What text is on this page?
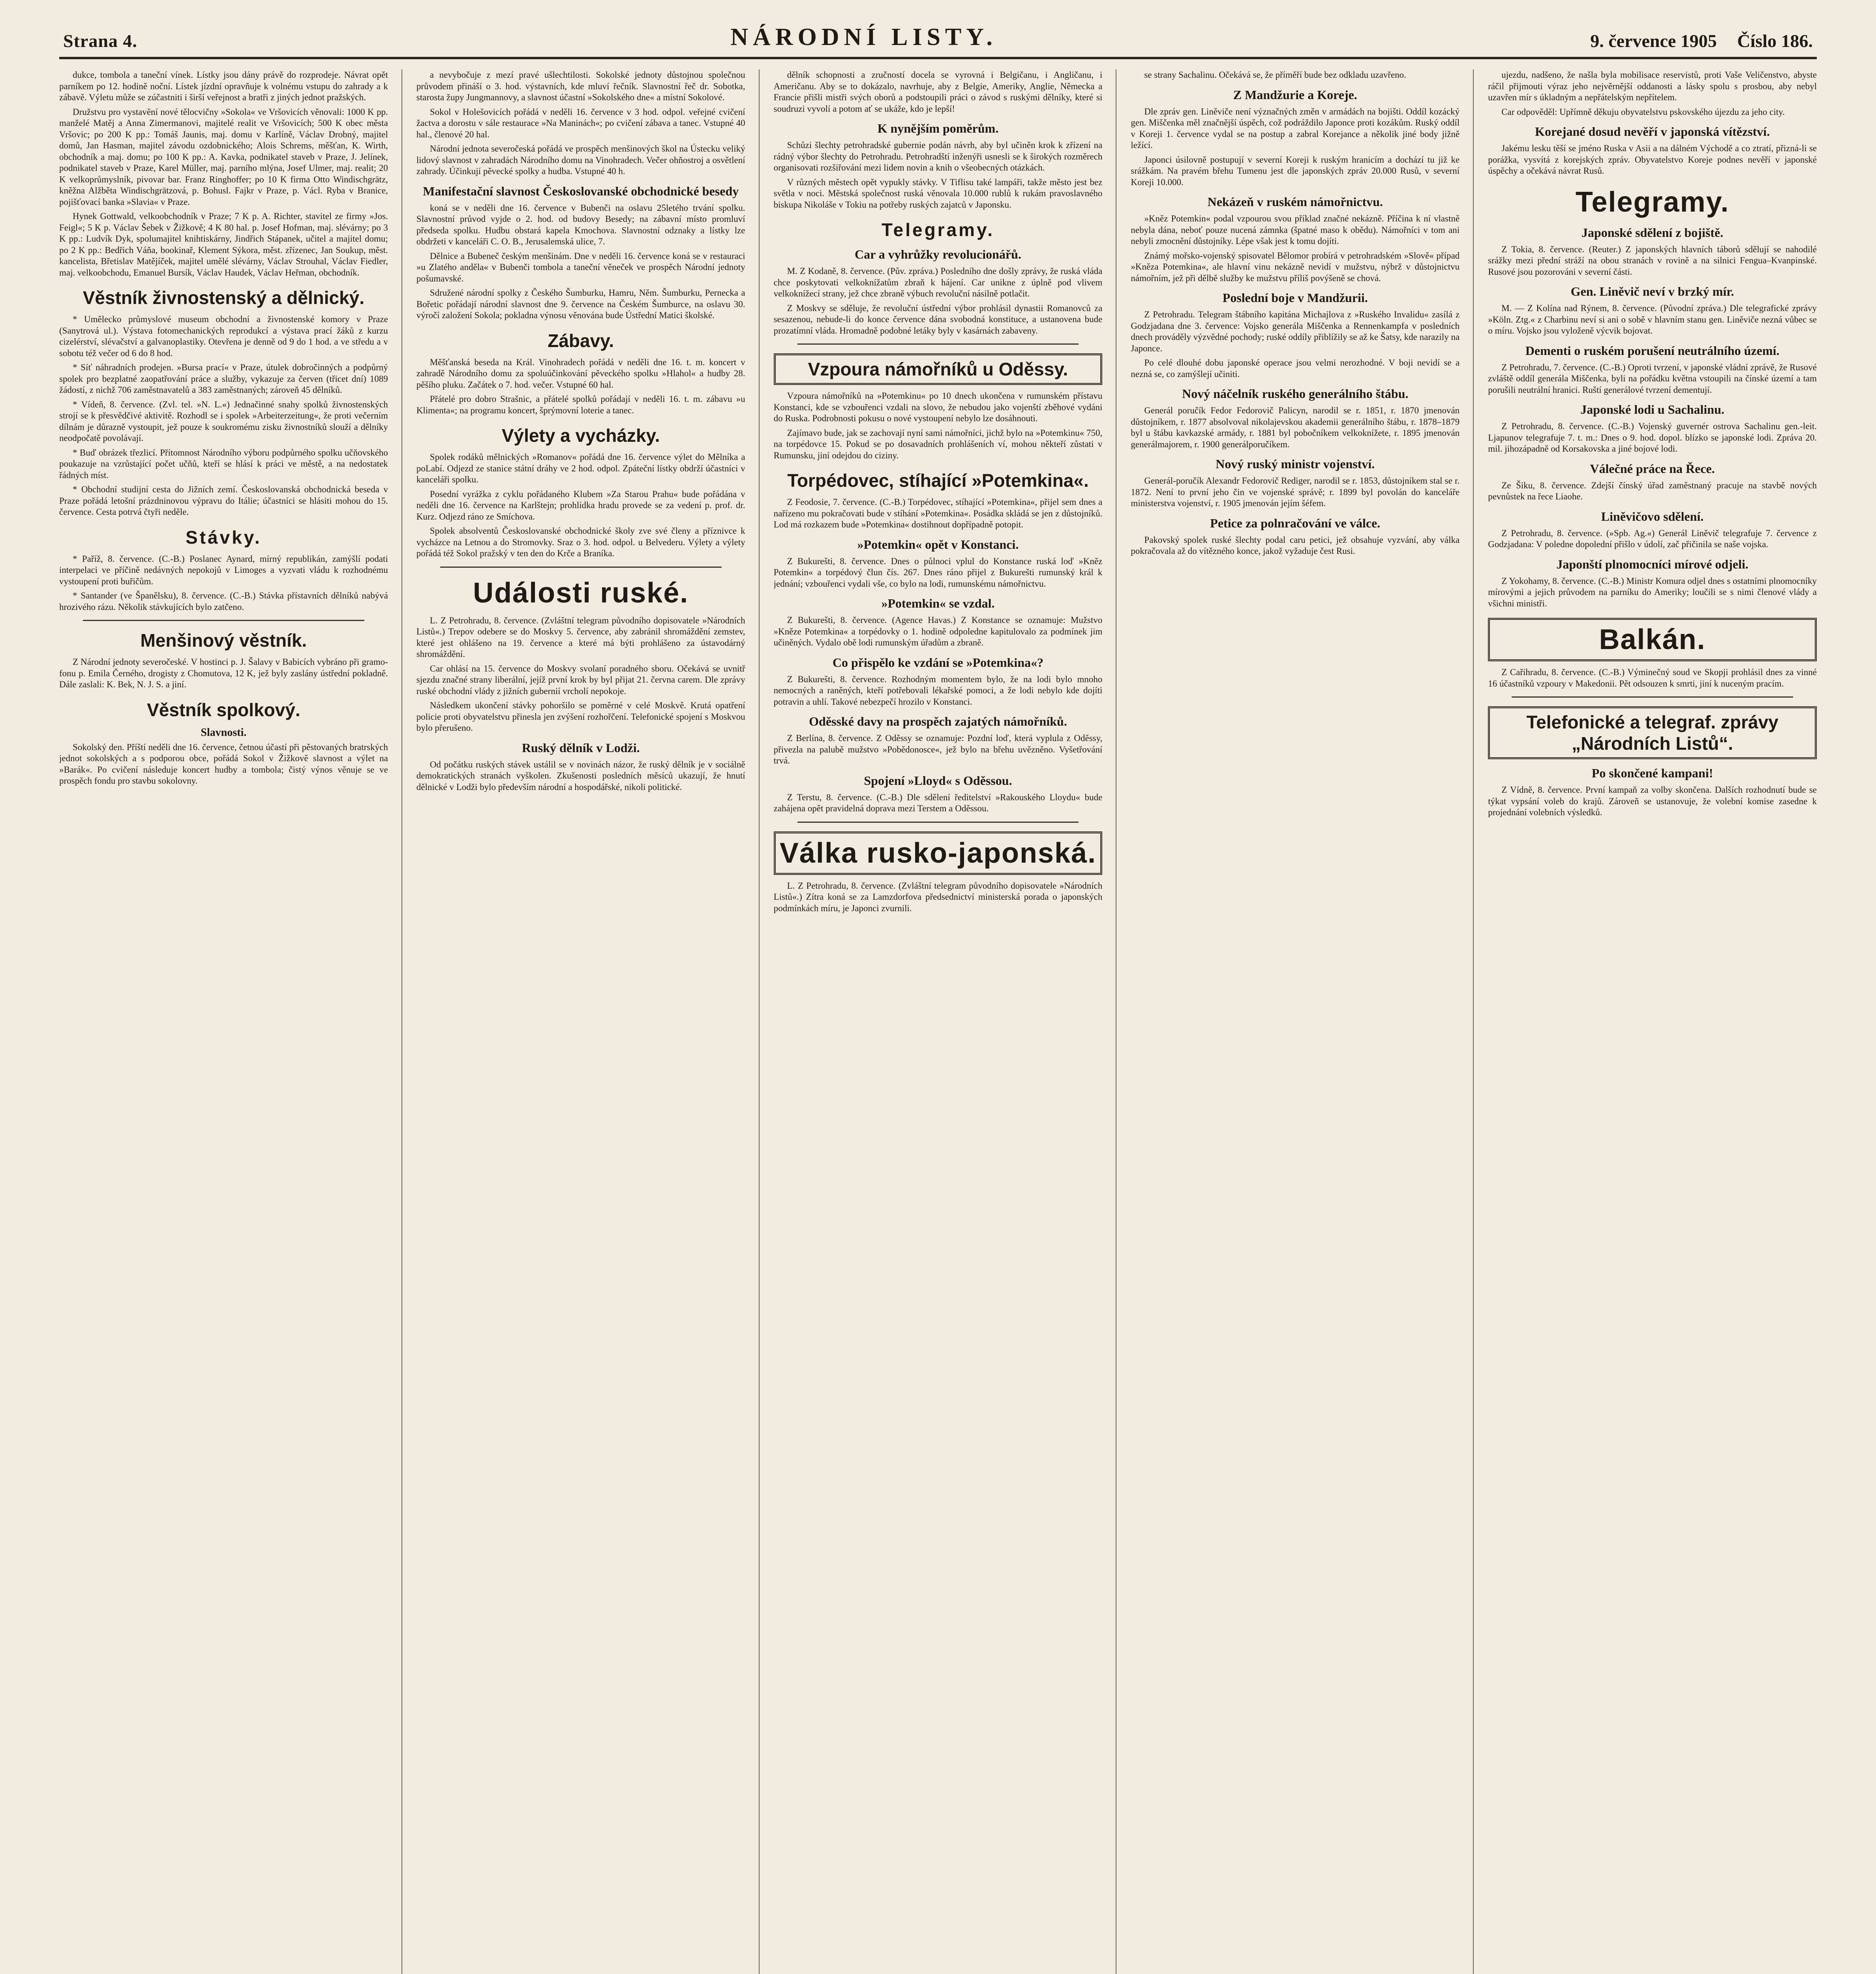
Strana 4.	NÁRODNÍ LISTY.	9. července 1905 Číslo 186.

dukce, tombola a taneční vínek. Lístky jsou dány právě do rozprodeje. Návrat opět parníkem po 12. hodině noční. Lístek jízdní opravňuje k volnému vstupu do zahrady a k zábavě. Výletu může se zúčastniti i širší veřejnost a bratři z jiných jednot pražských.

Družstvu pro vystavění nové tělocvičny »Sokola« ve Vršovicích věnovali: 1000 K pp. manželé Matěj a Anna Zimermanovi, majitelé realit ve Vršovicích; 500 K obec města Vršovic; po 200 K pp.: Tomáš Jaunis, maj. domu v Karlíně, Václav Drobný, majitel domů, Jan Hasman, majitel závodu ozdobnického; Alois Schrems, měšťan, K. Wirth, obchodník a maj. domu; po 100 K pp.: A. Kavka, podnikatel staveb v Praze, J. Jelínek, podnikatel staveb v Praze, Karel Müller, maj. parního mlýna, Josef Ulmer, maj. realit; 20 K velkoprůmyslník, pivovar bar. Franz Ringhoffer; po 10 K firma Otto Windischgrätz, kněžna Alžběta Windischgrätzová, p. Bohusl. Fajkr v Praze, p. Václ. Ryba v Branice, pojišťovací banka »Slavia« v Praze.

Hynek Gottwald, velkoobchodník v Praze; 7 K p. A. Richter, stavitel ze firmy »Jos. Feigl«; 5 K p. Václav Šebek v Žižkově; 4 K 80 hal. p. Josef Hofman, maj. slévárny; po 3 K pp.: Ludvík Dyk, spolumajitel knihtiskárny, Jindřich Stápanek, učitel a majitel domu; po 2 K pp.: Bedřich Váňa, bookinař, Klement Sýkora, měst. zřízenec, Jan Soukup, měst. kancelista, Břetislav Matějíček, majitel umělé slévárny, Václav Strouhal, Václav Fiedler, maj. velkoobchodu, Emanuel Bursík, Václav Haudek, Václav Heřman, obchodník.

Věstník živnostenský a dělnický.

* Umělecko průmyslové museum obchodní a živnostenské komory v Praze (Sanytrová ul.). Výstava fotomechanických reprodukcí a výstava prací žáků z kurzu cizelérství, slévačství a galvanoplastiky. Otevřena je denně od 9 do 1 hod. a ve středu a v sobotu též večer od 6 do 8 hod.

* Síť náhradních prodejen. »Bursa prací« v Praze, útulek dobročinných a podpůrný spolek pro bezplatné zaopatřování práce a služby, vykazuje za červen (třicet dní) 1089 žádostí, z nichž 706 zaměstnavatelů a 383 zaměstnaných; zároveň 45 dělníků.

* Vídeň, 8. července. (Zvl. tel. »N. L.«) Jednačinné snahy spolků živnostenských strojí se k přesvědčivé aktivitě. Rozhodl se i spolek »Arbeiterzeitung«, že proti večerním dílnám je důrazně vystoupit, jež pouze k soukromému zisku živnostníků slouží a dělníky neodpočatě povolávají.

* Buď obrázek třezlicí. Přítomnost Národního výboru podpůrného spolku učňovského poukazuje na vzrůstající počet učňů, kteří se hlásí k práci ve městě, a na nedostatek řádných míst.

* Obchodní studijní cesta do Jižních zemí. Českoslovanská obchodnická beseda v Praze pořádá letošní prázdninovou výpravu do Itálie; účastníci se hlásiti mohou do 15. července. Cesta potrvá čtyři neděle.

Stávky.

* Paříž, 8. července. (C.-B.) Poslanec Aynard, mírný republikán, zamýšlí podati interpelaci ve příčině nedávných nepokojů v Limoges a vyzvati vládu k rozhodnému vystoupení proti buřičům.

* Santander (ve Španělsku), 8. července. (C.-B.) Stávka přístavních dělníků nabývá hrozivého rázu. Několik stávkujících bylo zatčeno.

Menšinový věstník.

Z Národní jednoty severočeské. V hostinci p. J. Šalavy v Babicích vybráno při gramofonu p. Emila Černého, drogisty z Chomutova, 12 K, jež byly zaslány ústřední pokladně. Dále zaslali: K. Bek, N. J. S. a jiní.

Věstník spolkový.
Slavnosti.

Sokolský den. Příští neděli dne 16. července, četnou účastí při pěstovaných bratrských jednot sokolských a s podporou obce, pořádá Sokol v Žižkově slavnost a výlet na »Barák«. Po cvičení následuje koncert hudby a tombola; čistý výnos věnuje se ve prospěch fondu pro stavbu sokolovny.

a nevybočuje z mezí pravé ušlechtilosti. Sokolské jednoty důstojnou společnou průvodem přináší o 3. hod. výstavních, kde mluví řečník. Slavnostní řeč dr. Sobotka, starosta župy Jungmannovy, a slavnost účastní »Sokolského dne« a místní Sokolové.

Sokol v Holešovicích pořádá v neděli 16. července v 3 hod. odpol. veřejné cvičení žactva a dorostu v sále restaurace »Na Maninách«; po cvičení zábava a tanec. Vstupné 40 hal., členové 20 hal.

Národní jednota severočeská pořádá ve prospěch menšinových škol na Ústecku veliký lidový slavnost v zahradách Národního domu na Vinohradech. Večer ohňostroj a osvětlení zahrady. Účinkují pěvecké spolky a hudba. Vstupné 40 h.

Manifestační slavnost Českoslovanské obchodnické besedy

koná se v neděli dne 16. července v Bubenči na oslavu 25letého trvání spolku. Slavnostní průvod vyjde o 2. hod. od budovy Besedy; na zábavní místo promluví předseda spolku. Hudbu obstará kapela Kmochova. Slavnostní odznaky a lístky lze obdržeti v kanceláři C. O. B., Jerusalemská ulice, 7.

Dělnice a Bubeneč českým menšinám. Dne v neděli 16. července koná se v restauraci »u Zlatého anděla« v Bubenči tombola a taneční věneček ve prospěch Národní jednoty pošumavské.

Sdružené národní spolky z Českého Šumburku, Hamru, Něm. Šumburku, Pernecka a Bořetic pořádají národní slavnost dne 9. července na Českém Šumburce, na oslavu 30. výročí založení Sokola; pokladna výnosu věnována bude Ústřední Matici školské.

Zábavy.

Měšťanská beseda na Král. Vinohradech pořádá v neděli dne 16. t. m. koncert v zahradě Národního domu za spoluúčinkování pěveckého spolku »Hlahol« a hudby 28. pěšího pluku. Začátek o 7. hod. večer. Vstupné 60 hal.

Přátelé pro dobro Strašnic, a přátelé spolků pořádají v neděli 16. t. m. zábavu »u Klimenta«; na programu koncert, šprýmovní loterie a tanec.

Výlety a vycházky.

Spolek rodáků mělnických »Romanov« pořádá dne 16. července výlet do Mělníka a poLabí. Odjezd ze stanice státní dráhy ve 2 hod. odpol. Zpáteční lístky obdrží účastníci v kanceláři spolku.

Posední vyrážka z cyklu pořádaného Klubem »Za Starou Prahu« bude pořádána v neděli dne 16. července na Karlštejn; prohlídka hradu provede se za vedení p. prof. dr. Kurz. Odjezd ráno ze Smíchova.

Spolek absolventů Českoslovanské obchodnické školy zve své členy a příznivce k vycházce na Letnou a do Stromovky. Sraz o 3. hod. odpol. u Belvederu. Výlety a výlety pořádá též Sokol pražský v ten den do Krče a Braníka.

Události ruské.

L. Z Petrohradu, 8. července. (Zvláštní telegram původního dopisovatele »Národních Listů«.) Trepov odebere se do Moskvy 5. července, aby zabránil shromáždění zemstev, které jest ohlášeno na 19. července a které má býti prohlášeno za ústavodárný shromáždění.

Car ohlásí na 15. července do Moskvy svolaní poradného sboru. Očekává se uvnitř sjezdu značné strany liberální, jejíž první krok by byl přijat 21. června carem. Dle zprávy ruské obchodní vlády z jižních gubernií vrcholí nepokoje.

Následkem ukončení stávky pohoršilo se poměrné v celé Moskvě. Krutá opatření policie proti obyvatelstvu přinesla jen zvýšení rozhořčení. Telefonické spojení s Moskvou bylo přerušeno.

Ruský dělník v Lodži.

Od počátku ruských stávek ustálil se v novinách názor, že ruský dělník je v sociálně demokratických stranách vyškolen. Zkušenosti posledních měsíců ukazují, že hnutí dělnické v Lodži bylo především národní a hospodářské, nikoli politické.

dělník schopnosti a zručností docela se vyrovná i Belgičanu, i Angličanu, i Američanu. Aby se to dokázalo, navrhuje, aby z Belgie, Ameriky, Anglie, Německa a Francie přišli mistři svých oborů a podstoupili práci o závod s ruskými dělníky, které si soudruzi vyvolí a potom ať se ukáže, kdo je lepší!

K nynějším poměrům.

Schůzi šlechty petrohradské gubernie podán návrh, aby byl učiněn krok k zřízení na rádný výbor šlechty do Petrohradu. Petrohradští inženýři usnesli se k širokých rozměrech organisovati rozšiřování mezi lidem novin a knih o všeobecných otázkách.

V různých městech opět vypukly stávky. V Tiflisu také lampáři, takže město jest bez světla v noci. Městská společnost ruská věnovala 10.000 rublů k rukám pravoslavného biskupa Nikoláše v Tokiu na potřeby ruských zajatců v Japonsku.

Telegramy.
Car a vyhrůžky revolucionářů.

M. Z Kodaně, 8. července. (Pův. zpráva.) Posledního dne došly zprávy, že ruská vláda chce poskytovati velkoknížatům zbraň k hájení. Car unikne z úplně pod vlivem velkoknížecí strany, jež chce zbraně výbuch revoluční násilně potlačit.

Z Moskvy se sděluje, že revoluční ústřední výbor prohlásil dynastii Romanovců za sesazenou, nebude-li do konce července dána svobodná konstituce, a ustanovena bude prozatímní vláda. Hromadně podobné letáky byly v kasárnách zabaveny.

Vzpoura námořníků u Oděssy.

Vzpoura námořníků na »Potemkinu« po 10 dnech ukončena v rumunském přístavu Konstanci, kde se vzbouřenci vzdali na slovo, že nebudou jako vojenští zběhové vydáni do Ruska. Podrobnosti pokusu o nové vystoupení nebylo lze dosáhnouti.

Zajímavo bude, jak se zachovají nyní sami námořníci, jichž bylo na »Potemkinu« 750, na torpédovce 15. Pokud se po dosavadních prohlášeních ví, mohou někteří zůstati v Rumunsku, jiní odejdou do ciziny.

Torpédovec, stíhající »Potemkina«.

Z Feodosie, 7. července. (C.-B.) Torpédovec, stíhající »Potemkina«, přijel sem dnes a nařízeno mu pokračovati bude v stíhání »Potemkina«. Posádka skládá se jen z důstojníků. Lod má rozkazem bude »Potemkina« dostihnout dopřípadně potopit.

»Potemkin« opět v Konstanci.

Z Bukurešti, 8. července. Dnes o půlnoci vplul do Konstance ruská loď »Kněz Potemkin« a torpédový člun čís. 267. Dnes ráno přijel z Bukurešti rumunský král k jednání; vzbouřenci vydali vše, co bylo na lodi, rumunskému námořnictvu.

»Potemkin« se vzdal.

Z Bukurešti, 8. července. (Agence Havas.) Z Konstance se oznamuje: Mužstvo »Kněze Potemkina« a torpédovky o 1. hodině odpoledne kapitulovalo za podmínek jim učiněných. Vydalo obě lodi rumunským úřadům a zbraně.

Co přispělo ke vzdání se »Potemkina«?

Z Bukurešti, 8. července. Rozhodným momentem bylo, že na lodi bylo mnoho nemocných a raněných, kteří potřebovali lékařské pomoci, a že lodi nebylo kde dojíti potravin a uhlí. Takové nebezpečí hrozilo v Konstanci.

Oděsské davy na prospěch zajatých námořníků.

Z Berlína, 8. července. Z Oděssy se oznamuje: Pozdní loď, která vyplula z Oděssy, přivezla na palubě mužstvo »Pobědonosce«, jež bylo na břehu uvězněno. Vyšetřování trvá.

Spojení »Lloyd« s Oděssou.

Z Terstu, 8. července. (C.-B.) Dle sdělení ředitelství »Rakouského Lloydu« bude zahájena opět pravidelná doprava mezi Terstem a Oděssou.

Válka rusko-japonská.

L. Z Petrohradu, 8. července. (Zvláštní telegram původního dopisovatele »Národních Listů«.) Zítra koná se za Lamzdorfova předsednictví ministerská porada o japonských podmínkách míru, je Japonci zvurnili.

se strany Sachalinu. Očekává se, že příměří bude bez odkladu uzavřeno.

Z Mandžurie a Koreje.

Dle zpráv gen. Liněviče není význačných změn v armádách na bojišti. Oddíl kozácký gen. Miščenka měl značnější úspěch, což podráždilo Japonce proti kozákům. Ruský oddíl v Koreji 1. července vydal se na postup a zabral Korejance a několik jiné body jižně ležící.

Japonci úsilovně postupují v severní Koreji k ruským hranicím a dochází tu již ke srážkám. Na pravém břehu Tumenu jest dle japonských zpráv 20.000 Rusů, v severní Koreji 10.000.

Nekázeň v ruském námořnictvu.

»Kněz Potemkin« podal vzpourou svou příklad značné nekázně. Příčina k ní vlastně nebyla dána, neboť pouze nucená zámnka (špatné maso k obědu). Námořníci v tom ani nebyli zmocnění důstojníky. Lépe však jest k tomu dojíti.

Známý mořsko-vojenský spisovatel Bělomor probírá v petrohradském »Slově« případ »Kněza Potemkina«, ale hlavní vinu nekázně nevidí v mužstvu, nýbrž v důstojnictvu námořním, jež při dělbě služby ke mužstvu příliš povýšeně se chová.

Poslední boje v Mandžurii.

Z Petrohradu. Telegram štábního kapitána Michajlova z »Ruského Invalidu« zasílá z Godzjadana dne 3. července: Vojsko generála Miščenka a Rennenkampfa v posledních dnech prováděly výzvědné pochody; ruské oddíly přiblížily se až ke Šatsy, kde narazily na Japonce.

Po celé dlouhé dobu japonské operace jsou velmi nerozhodné. V boji nevidí se a nezná se, co zamýšlejí učiniti.

Nový náčelník ruského generálního štábu.

Generál poručík Fedor Fedorovič Palicyn, narodil se r. 1851, r. 1870 jmenován důstojníkem, r. 1877 absolvoval nikolajevskou akademii generálního štábu, r. 1878–1879 byl u štábu kavkazské armády, r. 1881 byl pobočníkem velkoknížete, r. 1895 jmenován generálmajorem, r. 1900 generálporučíkem.

Nový ruský ministr vojenství.

Generál-poručík Alexandr Fedorovič Rediger, narodil se r. 1853, důstojníkem stal se r. 1872. Není to první jeho čin ve vojenské správě; r. 1899 byl povolán do kanceláře ministerstva vojenství, r. 1905 jmenován jejím šéfem.

Petice za polnračování ve válce.

Pakovský spolek ruské šlechty podal caru petici, jež obsahuje vyzvání, aby válka pokračovala až do vítězného konce, jakož vyžaduje čest Rusi.

ujezdu, nadšeno, že našla byla mobilisace reservistů, proti Vaše Veličenstvo, abyste ráčil přijmouti výraz jeho nejvěrnější oddanosti a lásky spolu s prosbou, aby nebyl uzavřen mír s úkladným a nepřátelským nepřítelem.

Car odpověděl: Upřímně děkuju obyvatelstvu pskovského újezdu za jeho city.

Korejané dosud nevěří v japonská vítězství.

Jakému lesku těší se jméno Ruska v Asii a na dálném Východě a co ztratí, přizná-li se porážka, vysvítá z korejských zpráv. Obyvatelstvo Koreje podnes nevěří v japonské úspěchy a očekává návrat Rusů.

Telegramy.
Japonské sdělení z bojiště.

Z Tokia, 8. července. (Reuter.) Z japonských hlavních táborů sdělují se nahodilé srážky mezi přední stráží na obou stranách v rovině a na silnici Fengua–Kvanpinské. Rusové jsou pozorováni v severní části.

Gen. Liněvič neví v brzký mír.

M. — Z Kolína nad Rýnem, 8. července. (Původní zpráva.) Dle telegrafické zprávy »Köln. Ztg.« z Charbinu neví si ani o sobě v hlavním stanu gen. Liněviče nezná vůbec se o míru. Vojsko jsou vyloženě výcvik bojovat.

Dementi o ruském porušení neutrálního území.

Z Petrohradu, 7. července. (C.-B.) Oproti tvrzení, v japonské vládní zprávě, že Rusové zvláště oddíl generála Miščenka, byli na pořádku května vstoupili na čínské území a tam porušili neutrální hranici. Ruští generálové tvrzení dementují.

Japonské lodi u Sachalinu.

Z Petrohradu, 8. července. (C.-B.) Vojenský guvernér ostrova Sachalinu gen.-leit. Ljapunov telegrafuje 7. t. m.: Dnes o 9. hod. dopol. blízko se japonské lodi. Zpráva 20. mil. jihozápadně od Korsakovska a jiné bojové lodi.

Válečné práce na Řece.

Ze Šiku, 8. července. Zdejší čínský úřad zaměstnaný pracuje na stavbě nových pevnůstek na řece Liaohe.

Liněvičovo sdělení.

Z Petrohradu, 8. července. (»Spb. Ag.«) Generál Liněvič telegrafuje 7. července z Godzjadana: V poledne dopolední přišlo v údolí, zač přičinila se naše vojska.

Japonští plnomocníci mírové odjeli.

Z Yokohamy, 8. července. (C.-B.) Ministr Komura odjel dnes s ostatními plnomocníky mírovými a jejich průvodem na parníku do Ameriky; loučili se s nimi členové vlády a všichni ministři.

Balkán.

Z Cařihradu, 8. července. (C.-B.) Výminečný soud ve Skopji prohlásil dnes za vinné 16 účastníků vzpoury v Makedonii. Pět odsouzen k smrti, jiní k nuceným pracím.

Telefonické a telegraf. zprávy „Národních Listů“.
Po skončené kampani!

Z Vídně, 8. července. První kampaň za volby skončena. Dalších rozhodnutí bude se týkat vypsání voleb do krajů. Zároveň se ustanovuje, že volební komise zasedne k projednání volebních výsledků.
